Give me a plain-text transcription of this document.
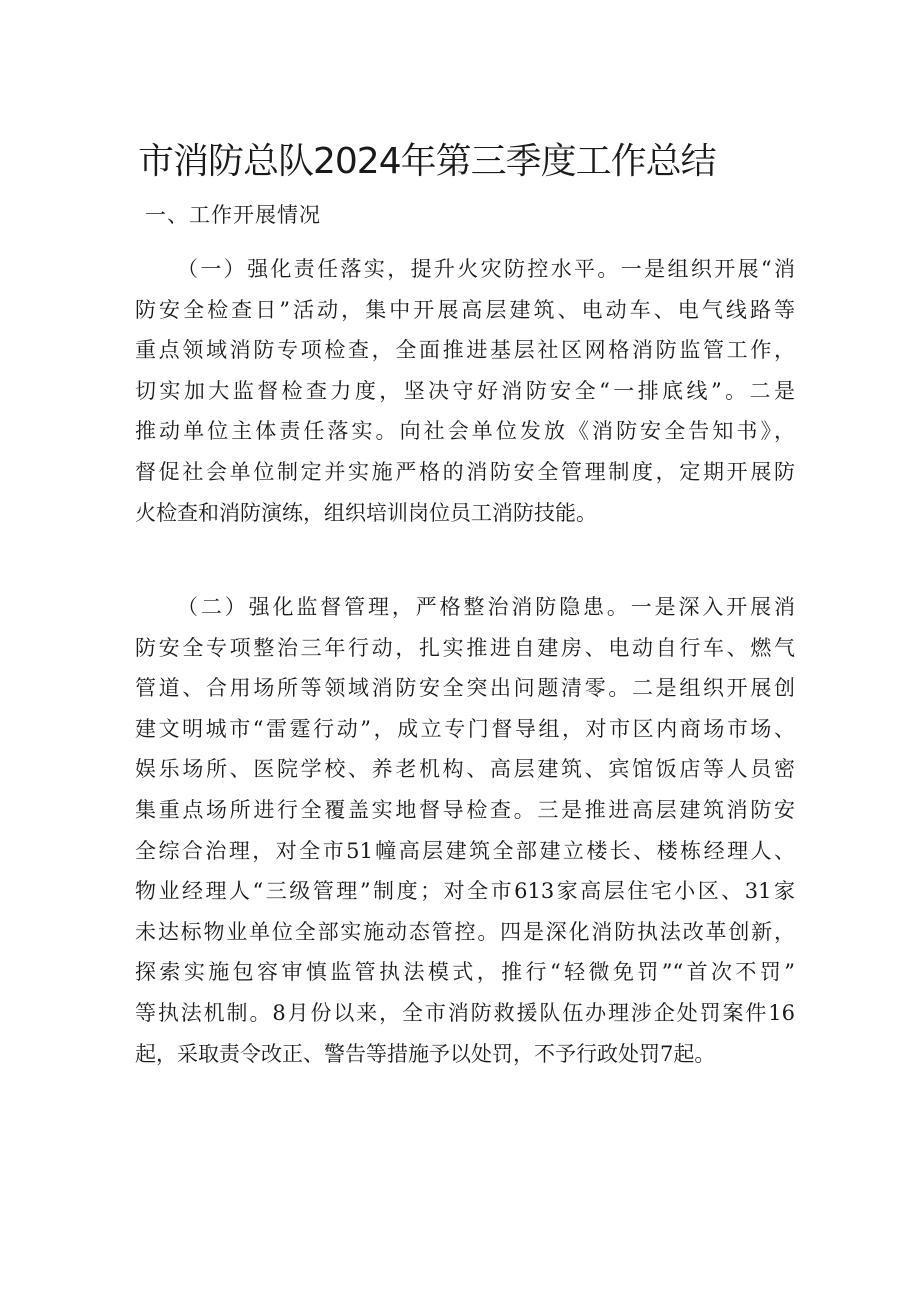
市消防总队2024年第三季度工作总结
一、工作开展情况
（一）强化责任落实，提升火灾防控水平。一是组织开展“消
防安全检查日”活动，集中开展高层建筑、电动车、电气线路等
重点领域消防专项检查，全面推进基层社区网格消防监管工作，
切实加大监督检查力度，坚决守好消防安全“一排底线”。二是
推动单位主体责任落实。向社会单位发放《消防安全告知书》，
督促社会单位制定并实施严格的消防安全管理制度，定期开展防
火检查和消防演练，组织培训岗位员工消防技能。
（二）强化监督管理，严格整治消防隐患。一是深入开展消
防安全专项整治三年行动，扎实推进自建房、电动自行车、燃气
管道、合用场所等领域消防安全突出问题清零。二是组织开展创
建文明城市“雷霆行动”，成立专门督导组，对市区内商场市场、
娱乐场所、医院学校、养老机构、高层建筑、宾馆饭店等人员密
集重点场所进行全覆盖实地督导检查。三是推进高层建筑消防安
全综合治理，对全市51幢高层建筑全部建立楼长、楼栋经理人、
物业经理人“三级管理”制度；对全市613家高层住宅小区、31家
未达标物业单位全部实施动态管控。四是深化消防执法改革创新，
探索实施包容审慎监管执法模式，推行“轻微免罚”“首次不罚”
等执法机制。8月份以来，全市消防救援队伍办理涉企处罚案件16
起，采取责令改正、警告等措施予以处罚，不予行政处罚7起。
